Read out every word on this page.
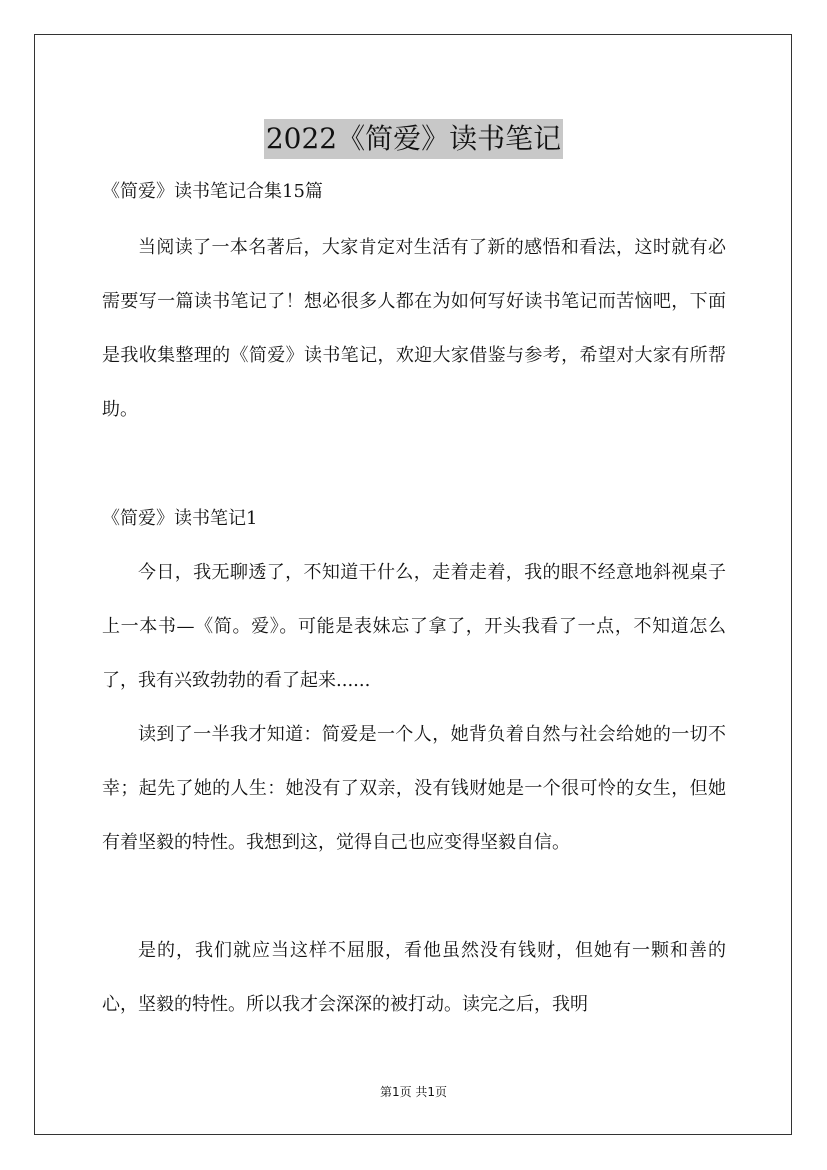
2022《简爱》读书笔记

《简爱》读书笔记合集15篇

当阅读了一本名著后，大家肯定对生活有了新的感悟和看法，这时就有必需要写一篇读书笔记了！想必很多人都在为如何写好读书笔记而苦恼吧，下面是我收集整理的《简爱》读书笔记，欢迎大家借鉴与参考，希望对大家有所帮助。

《简爱》读书笔记1

今日，我无聊透了，不知道干什么，走着走着，我的眼不经意地斜视桌子上一本书—《简。爱》。可能是表妹忘了拿了，开头我看了一点，不知道怎么了，我有兴致勃勃的看了起来......

读到了一半我才知道：简爱是一个人，她背负着自然与社会给她的一切不幸；起先了她的人生：她没有了双亲，没有钱财她是一个很可怜的女生，但她有着坚毅的特性。我想到这，觉得自己也应变得坚毅自信。

是的，我们就应当这样不屈服，看他虽然没有钱财，但她有一颗和善的心，坚毅的特性。所以我才会深深的被打动。读完之后，我明

第1页 共1页
